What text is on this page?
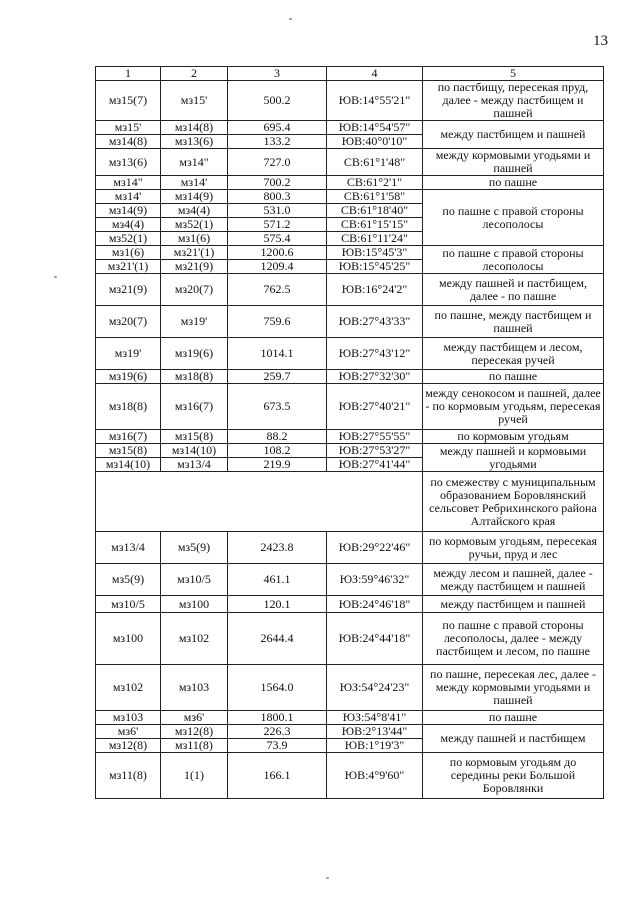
13
1	2	3	4	5
мз15(7)	мз15'	500.2	ЮВ:14°55'21"	по пастбищу, пересекая пруд, далее - между пастбищем и пашней
мз15'	мз14(8)	695.4	ЮВ:14°54'57"	между пастбищем и пашней
мз14(8)	мз13(6)	133.2	ЮВ:40°0'10"	
мз13(6)	мз14"	727.0	СВ:61°1'48"	между кормовыми угодьями и пашней
мз14"	мз14'	700.2	СВ:61°2'1"	по пашне
мз14'	мз14(9)	800.3	СВ:61°1'58"	по пашне с правой стороны лесополосы
мз14(9)	мз4(4)	531.0	СВ:61°18'40"	
мз4(4)	мз52(1)	571.2	СВ:61°15'15"	
мз52(1)	мз1(6)	575.4	СВ:61°11'24"	
мз1(6)	мз21'(1)	1200.6	ЮВ:15°45'3"	по пашне с правой стороны лесополосы
мз21'(1)	мз21(9)	1209.4	ЮВ:15°45'25"	
мз21(9)	мз20(7)	762.5	ЮВ:16°24'2"	между пашней и пастбищем, далее - по пашне
мз20(7)	мз19'	759.6	ЮВ:27°43'33"	по пашне, между пастбищем и пашней
мз19'	мз19(6)	1014.1	ЮВ:27°43'12"	между пастбищем и лесом, пересекая ручей
мз19(6)	мз18(8)	259.7	ЮВ:27°32'30"	по пашне
мз18(8)	мз16(7)	673.5	ЮВ:27°40'21"	между сенокосом и пашней, далее - по кормовым угодьям, пересекая ручей
мз16(7)	мз15(8)	88.2	ЮВ:27°55'55"	по кормовым угодьям
мз15(8)	мз14(10)	108.2	ЮВ:27°53'27"	между пашней и кормовыми угодьями
мз14(10)	мз13/4	219.9	ЮВ:27°41'44"	
				по смежеству с муниципальным образованием Боровлянский сельсовет Ребрихинского района Алтайского края
мз13/4	мз5(9)	2423.8	ЮВ:29°22'46"	по кормовым угодьям, пересекая ручьи, пруд и лес
мз5(9)	мз10/5	461.1	ЮЗ:59°46'32"	между лесом и пашней, далее - между пастбищем и пашней
мз10/5	мз100	120.1	ЮВ:24°46'18"	между пастбищем и пашней
мз100	мз102	2644.4	ЮВ:24°44'18"	по пашне с правой стороны лесополосы, далее - между пастбищем и лесом, по пашне
мз102	мз103	1564.0	ЮЗ:54°24'23"	по пашне, пересекая лес, далее - между кормовыми угодьями и пашней
мз103	мз6'	1800.1	ЮЗ:54°8'41"	по пашне
мз6'	мз12(8)	226.3	ЮВ:2°13'44"	между пашней и пастбищем
мз12(8)	мз11(8)	73.9	ЮВ:1°19'3"	
мз11(8)	1(1)	166.1	ЮВ:4°9'60"	по кормовым угодьям до середины реки Большой Боровлянки
